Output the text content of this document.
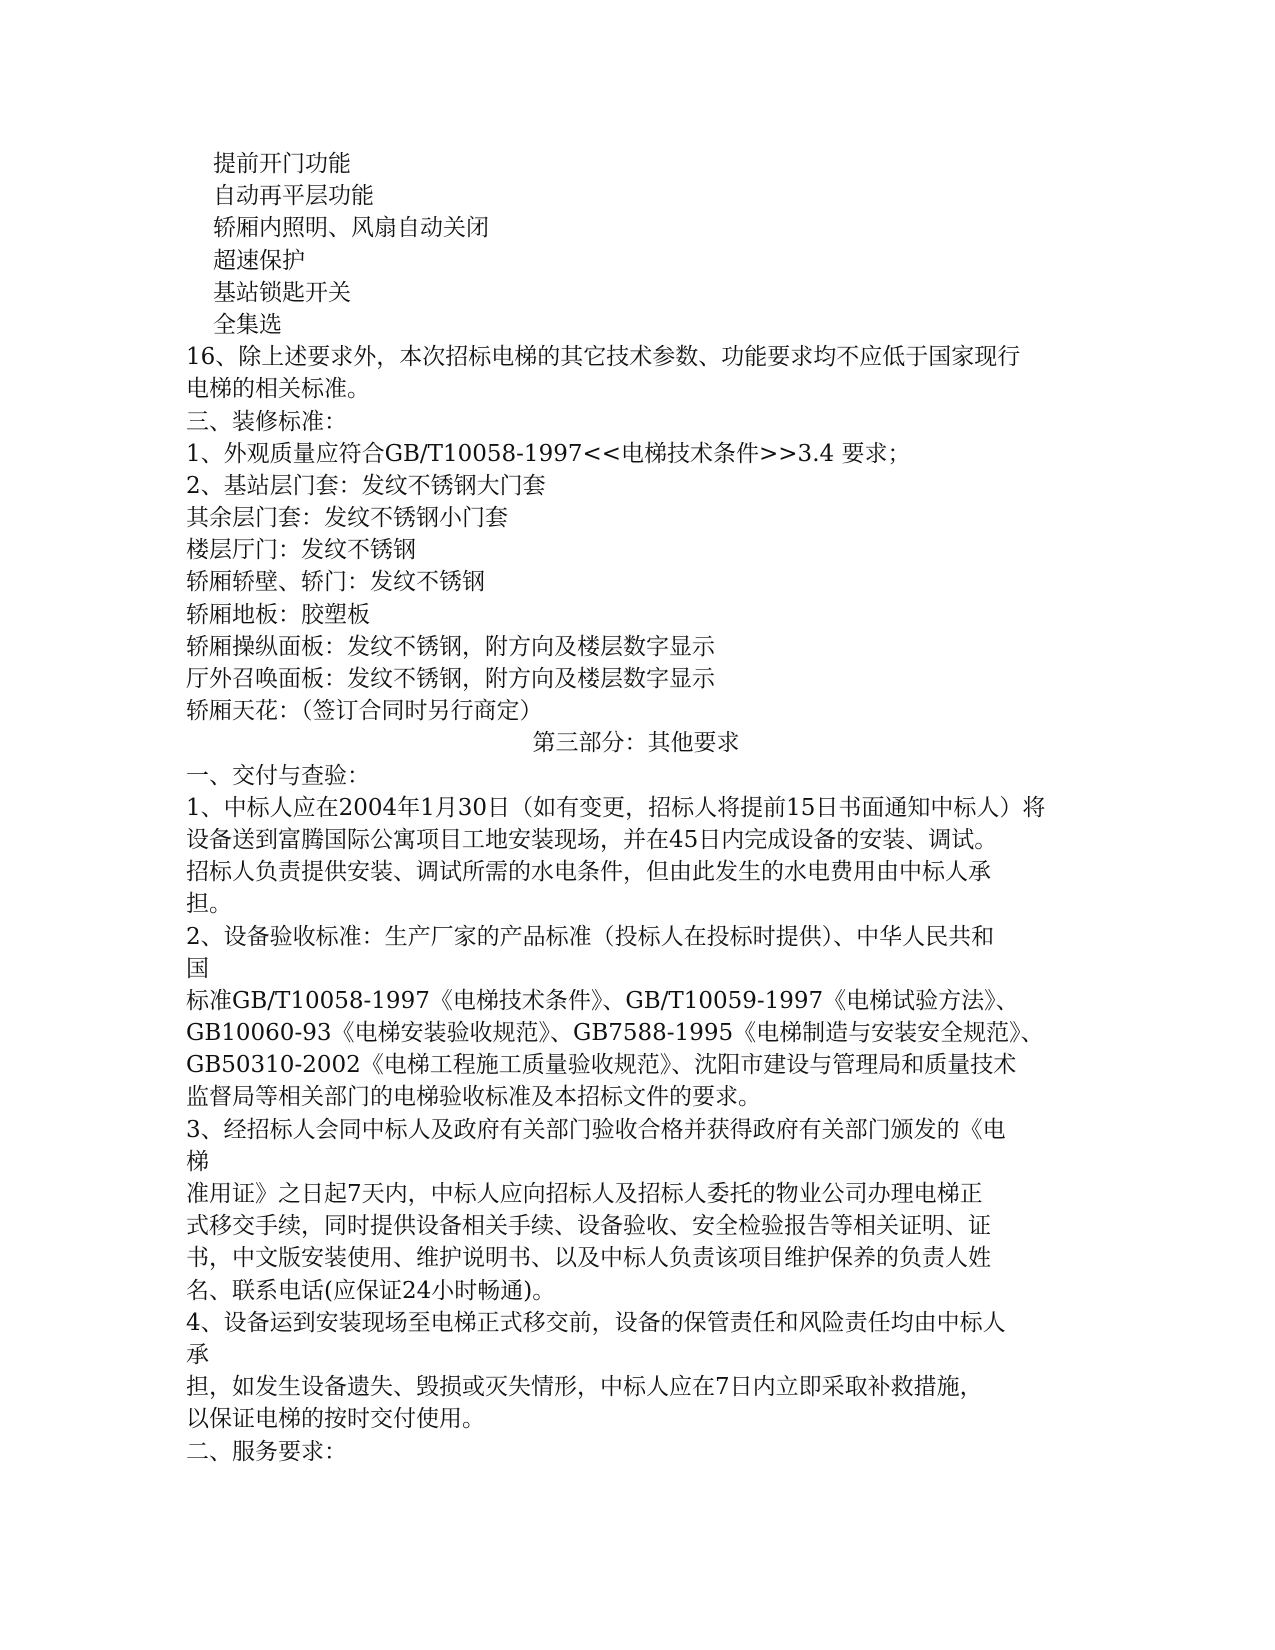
提前开门功能
自动再平层功能
轿厢内照明、风扇自动关闭
超速保护
基站锁匙开关
全集选
16、除上述要求外，本次招标电梯的其它技术参数、功能要求均不应低于国家现行
电梯的相关标准。
三、装修标准：
1、外观质量应符合GB/T10058-1997<<电梯技术条件>>3.4 要求；
2、基站层门套：发纹不锈钢大门套
其余层门套：发纹不锈钢小门套
楼层厅门：发纹不锈钢
轿厢轿壁、轿门：发纹不锈钢
轿厢地板：胶塑板
轿厢操纵面板：发纹不锈钢，附方向及楼层数字显示
厅外召唤面板：发纹不锈钢，附方向及楼层数字显示
轿厢天花：（签订合同时另行商定）
第三部分：其他要求
一、交付与查验：
1、中标人应在2004年1月30日（如有变更，招标人将提前15日书面通知中标人）将
设备送到富腾国际公寓项目工地安装现场，并在45日内完成设备的安装、调试。
招标人负责提供安装、调试所需的水电条件，但由此发生的水电费用由中标人承
担。
2、设备验收标准：生产厂家的产品标准（投标人在投标时提供）、中华人民共和
国
标准GB/T10058-1997《电梯技术条件》、GB/T10059-1997《电梯试验方法》、
GB10060-93《电梯安装验收规范》、GB7588-1995《电梯制造与安装安全规范》、
GB50310-2002《电梯工程施工质量验收规范》、沈阳市建设与管理局和质量技术
监督局等相关部门的电梯验收标准及本招标文件的要求。
3、经招标人会同中标人及政府有关部门验收合格并获得政府有关部门颁发的《电
梯
准用证》之日起7天内，中标人应向招标人及招标人委托的物业公司办理电梯正
式移交手续，同时提供设备相关手续、设备验收、安全检验报告等相关证明、证
书，中文版安装使用、维护说明书、以及中标人负责该项目维护保养的负责人姓
名、联系电话(应保证24小时畅通)。
4、设备运到安装现场至电梯正式移交前，设备的保管责任和风险责任均由中标人
承
担，如发生设备遗失、毁损或灭失情形，中标人应在7日内立即采取补救措施，
以保证电梯的按时交付使用。
二、服务要求：
